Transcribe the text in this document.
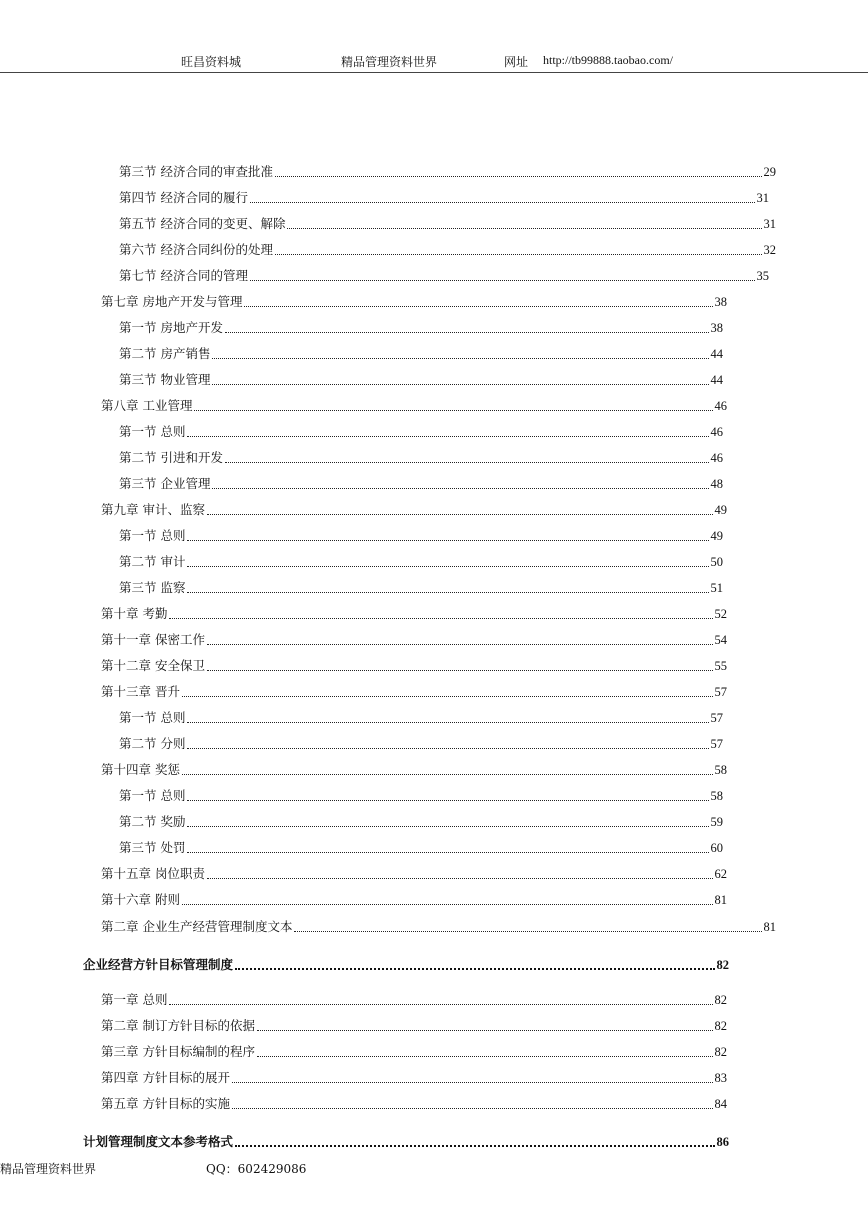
旺昌资料城	精品管理资料世界	网址 http://tb99888.taobao.com/
第三节 经济合同的审查批准	29
第四节 经济合同的履行	31
第五节 经济合同的变更、解除	31
第六节 经济合同纠份的处理	32
第七节 经济合同的管理	35
第七章 房地产开发与管理	38
第一节 房地产开发	38
第二节 房产销售	44
第三节 物业管理	44
第八章 工业管理	46
第一节 总则	46
第二节 引进和开发	46
第三节 企业管理	48
第九章 审计、监察	49
第一节 总则	49
第二节 审计	50
第三节 监察	51
第十章 考勤	52
第十一章 保密工作	54
第十二章 安全保卫	55
第十三章 晋升	57
第一节 总则	57
第二节 分则	57
第十四章 奖惩	58
第一节 总则	58
第二节 奖励	59
第三节 处罚	60
第十五章 岗位职责	62
第十六章 附则	81
第二章 企业生产经营管理制度文本	81
企业经营方针目标管理制度	82
第一章 总则	82
第二章 制订方针目标的依据	82
第三章 方针目标编制的程序	82
第四章 方针目标的展开	83
第五章 方针目标的实施	84
计划管理制度文本参考格式	86
精品管理资料世界	QQ：602429086
